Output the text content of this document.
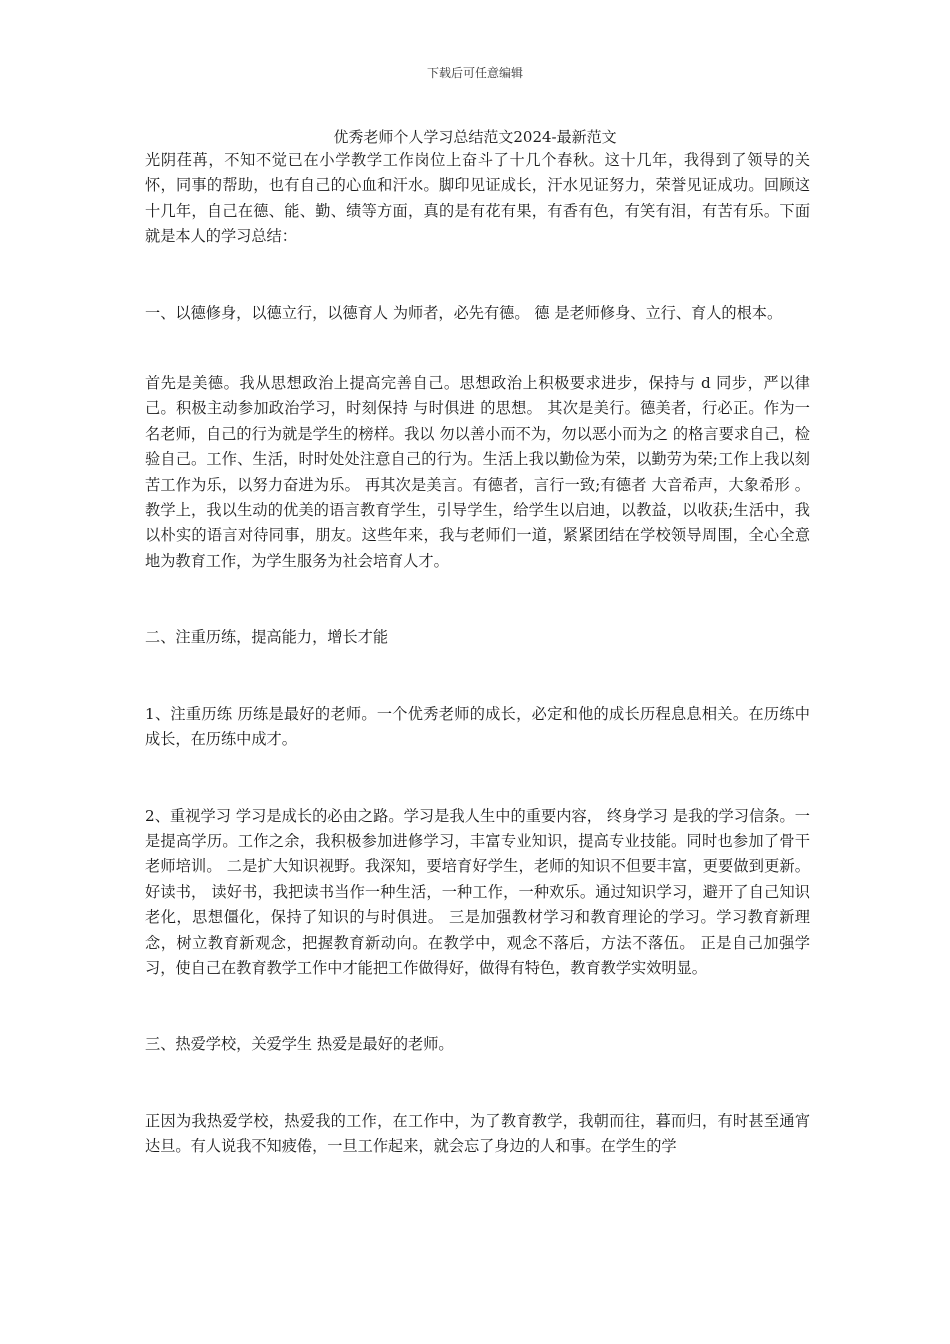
下载后可任意编辑
优秀老师个人学习总结范文2024-最新范文

光阴荏苒，不知不觉已在小学教学工作岗位上奋斗了十几个春秋。这十几年，我得到了领导的关怀，同事的帮助，也有自己的心血和汗水。脚印见证成长，汗水见证努力，荣誉见证成功。回顾这十几年，自己在德、能、勤、绩等方面，真的是有花有果，有香有色，有笑有泪，有苦有乐。下面就是本人的学习总结：

一、以德修身，以德立行，以德育人 为师者，必先有德。 德 是老师修身、立行、育人的根本。

首先是美德。我从思想政治上提高完善自己。思想政治上积极要求进步，保持与 d 同步，严以律己。积极主动参加政治学习，时刻保持 与时俱进 的思想。 其次是美行。德美者，行必正。作为一名老师，自己的行为就是学生的榜样。我以 勿以善小而不为，勿以恶小而为之 的格言要求自己，检验自己。工作、生活，时时处处注意自己的行为。生活上我以勤俭为荣，以勤劳为荣;工作上我以刻苦工作为乐，以努力奋进为乐。 再其次是美言。有德者，言行一致;有德者 大音希声，大象希形 。教学上，我以生动的优美的语言教育学生，引导学生，给学生以启迪，以教益，以收获;生活中，我以朴实的语言对待同事，朋友。这些年来，我与老师们一道，紧紧团结在学校领导周围，全心全意地为教育工作，为学生服务为社会培育人才。

二、注重历练，提高能力，增长才能

1、注重历练 历练是最好的老师。一个优秀老师的成长，必定和他的成长历程息息相关。在历练中成长，在历练中成才。

2、重视学习 学习是成长的必由之路。学习是我人生中的重要内容， 终身学习 是我的学习信条。一是提高学历。工作之余，我积极参加进修学习，丰富专业知识，提高专业技能。同时也参加了骨干老师培训。 二是扩大知识视野。我深知，要培育好学生，老师的知识不但要丰富，更要做到更新。 好读书， 读好书，我把读书当作一种生活，一种工作，一种欢乐。通过知识学习，避开了自己知识老化，思想僵化，保持了知识的与时俱进。 三是加强教材学习和教育理论的学习。学习教育新理念，树立教育新观念，把握教育新动向。在教学中，观念不落后，方法不落伍。 正是自己加强学习，使自己在教育教学工作中才能把工作做得好，做得有特色，教育教学实效明显。

三、热爱学校，关爱学生 热爱是最好的老师。

正因为我热爱学校，热爱我的工作，在工作中，为了教育教学，我朝而往，暮而归，有时甚至通宵达旦。有人说我不知疲倦，一旦工作起来，就会忘了身边的人和事。在学生的学
